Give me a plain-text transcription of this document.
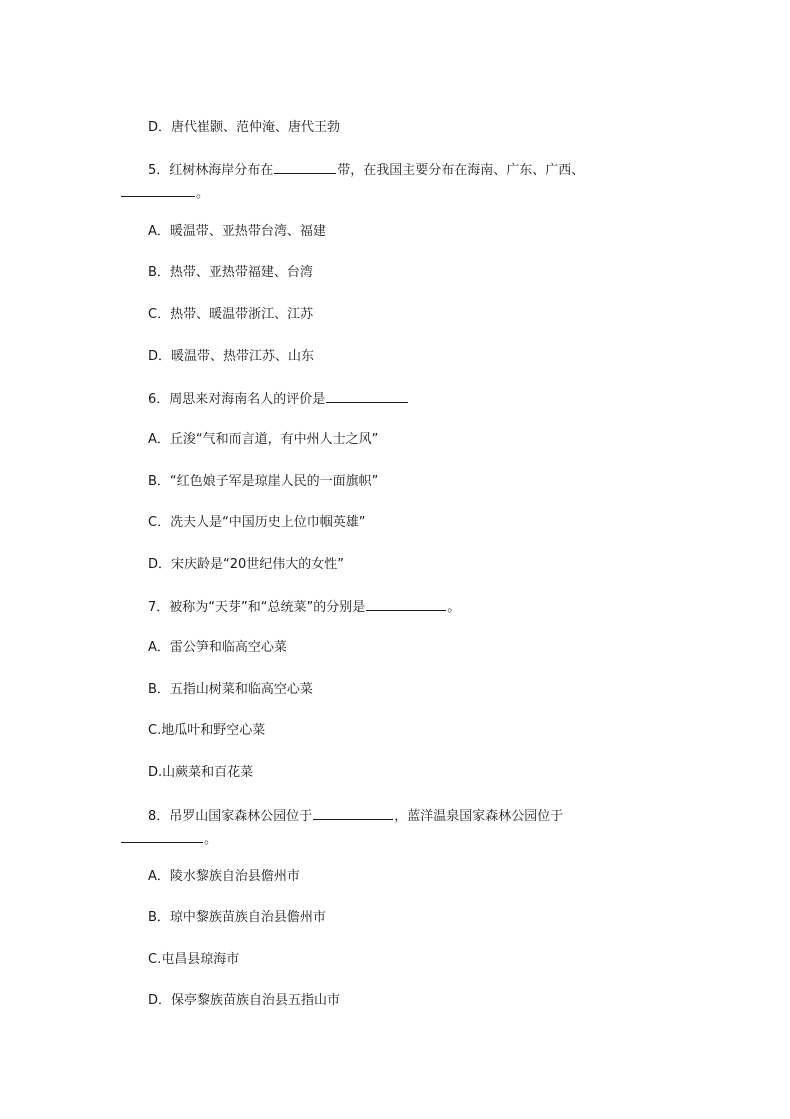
D．唐代崔颢、范仲淹、唐代王勃
5．红树林海岸分布在	带，在我国主要分布在海南、广东、广西、
。
A．暖温带、亚热带台湾、福建
B．热带、亚热带福建、台湾
C．热带、暖温带浙江、江苏
D．暖温带、热带江苏、山东
6．周思来对海南名人的评价是
A．丘浚“气和而言道，有中州人士之风”
B．“红色娘子军是琼崖人民的一面旗帜”
C．冼夫人是“中国历史上位巾帼英雄”
D．宋庆龄是“20世纪伟大的女性”
7．被称为“天芽”和“总统菜”的分别是	。
A．雷公笋和临高空心菜
B．五指山树菜和临高空心菜
C.地瓜叶和野空心菜
D.山蕨菜和百花菜
8．吊罗山国家森林公园位于	，蓝洋温泉国家森林公园位于
。
A．陵水黎族自治县儋州市
B．琼中黎族苗族自治县儋州市
C.屯昌县琼海市
D．保亭黎族苗族自治县五指山市
